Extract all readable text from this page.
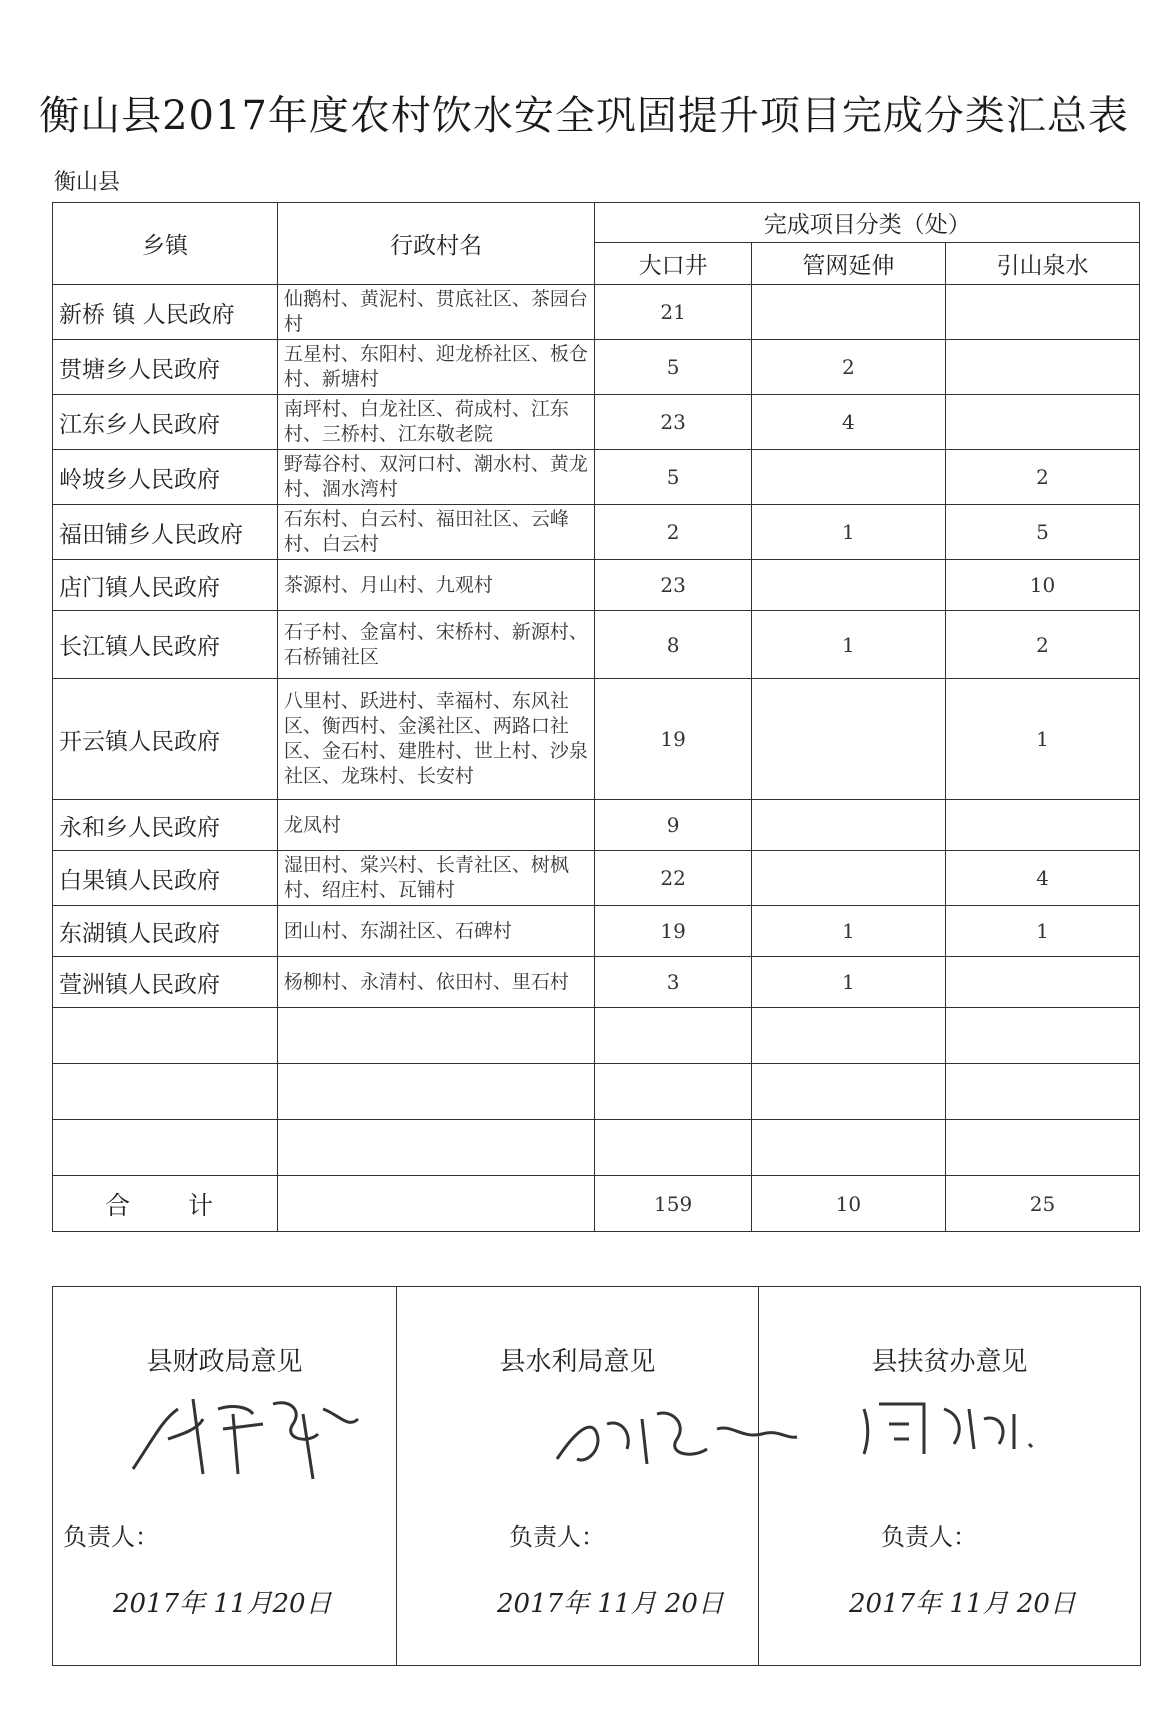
衡山县2017年度农村饮水安全巩固提升项目完成分类汇总表
衡山县
乡镇	行政村名	完成项目分类（处）		
		大口井	管网延伸	引山泉水
新桥 镇 人民政府	仙鹅村、黄泥村、贯底社区、茶园台村	21		
贯塘乡人民政府	五星村、东阳村、迎龙桥社区、板仓村、新塘村	5	2	
江东乡人民政府	南坪村、白龙社区、荷成村、江东村、三桥村、江东敬老院	23	4	
岭坡乡人民政府	野莓谷村、双河口村、潮水村、黄龙村、涸水湾村	5		2
福田铺乡人民政府	石东村、白云村、福田社区、云峰村、白云村	2	1	5
店门镇人民政府	茶源村、月山村、九观村	23		10
长江镇人民政府	石子村、金富村、宋桥村、新源村、石桥铺社区	8	1	2
开云镇人民政府	八里村、跃进村、幸福村、东风社区、衡西村、金溪社区、两路口社区、金石村、建胜村、世上村、沙泉社区、龙珠村、长安村	19		1
永和乡人民政府	龙凤村	9		
白果镇人民政府	湿田村、棠兴村、长青社区、树枫村、绍庄村、瓦铺村	22		4
东湖镇人民政府	团山村、东湖社区、石碑村	19	1	1
萱洲镇人民政府	杨柳村、永清村、依田村、里石村	3	1	

合计		159	10	25
县财政局意见
负责人：
2017年 11月20日

县水利局意见
负责人：
2017年 11月 20日

县扶贫办意见
负责人：
2017年 11月 20日
